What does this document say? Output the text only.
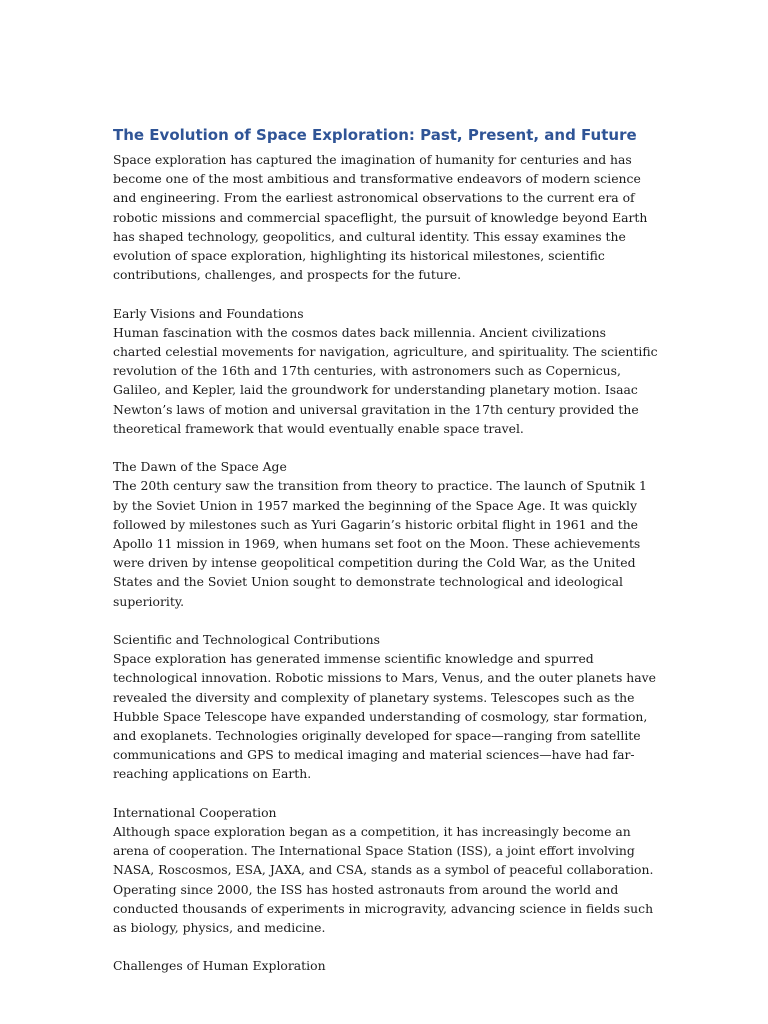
The Evolution of Space Exploration: Past, Present, and Future

Space exploration has captured the imagination of humanity for centuries and has become one of the most ambitious and transformative endeavors of modern science and engineering. From the earliest astronomical observations to the current era of robotic missions and commercial spaceflight, the pursuit of knowledge beyond Earth has shaped technology, geopolitics, and cultural identity. This essay examines the evolution of space exploration, highlighting its historical milestones, scientific contributions, challenges, and prospects for the future.

Early Visions and Foundations

Human fascination with the cosmos dates back millennia. Ancient civilizations charted celestial movements for navigation, agriculture, and spirituality. The scientific revolution of the 16th and 17th centuries, with astronomers such as Copernicus, Galileo, and Kepler, laid the groundwork for understanding planetary motion. Isaac Newton’s laws of motion and universal gravitation in the 17th century provided the theoretical framework that would eventually enable space travel.

The Dawn of the Space Age

The 20th century saw the transition from theory to practice. The launch of Sputnik 1 by the Soviet Union in 1957 marked the beginning of the Space Age. It was quickly followed by milestones such as Yuri Gagarin’s historic orbital flight in 1961 and the Apollo 11 mission in 1969, when humans set foot on the Moon. These achievements were driven by intense geopolitical competition during the Cold War, as the United States and the Soviet Union sought to demonstrate technological and ideological superiority.

Scientific and Technological Contributions

Space exploration has generated immense scientific knowledge and spurred technological innovation. Robotic missions to Mars, Venus, and the outer planets have revealed the diversity and complexity of planetary systems. Telescopes such as the Hubble Space Telescope have expanded understanding of cosmology, star formation, and exoplanets. Technologies originally developed for space—ranging from satellite communications and GPS to medical imaging and material sciences—have had far-reaching applications on Earth.

International Cooperation

Although space exploration began as a competition, it has increasingly become an arena of cooperation. The International Space Station (ISS), a joint effort involving NASA, Roscosmos, ESA, JAXA, and CSA, stands as a symbol of peaceful collaboration. Operating since 2000, the ISS has hosted astronauts from around the world and conducted thousands of experiments in microgravity, advancing science in fields such as biology, physics, and medicine.

Challenges of Human Exploration
